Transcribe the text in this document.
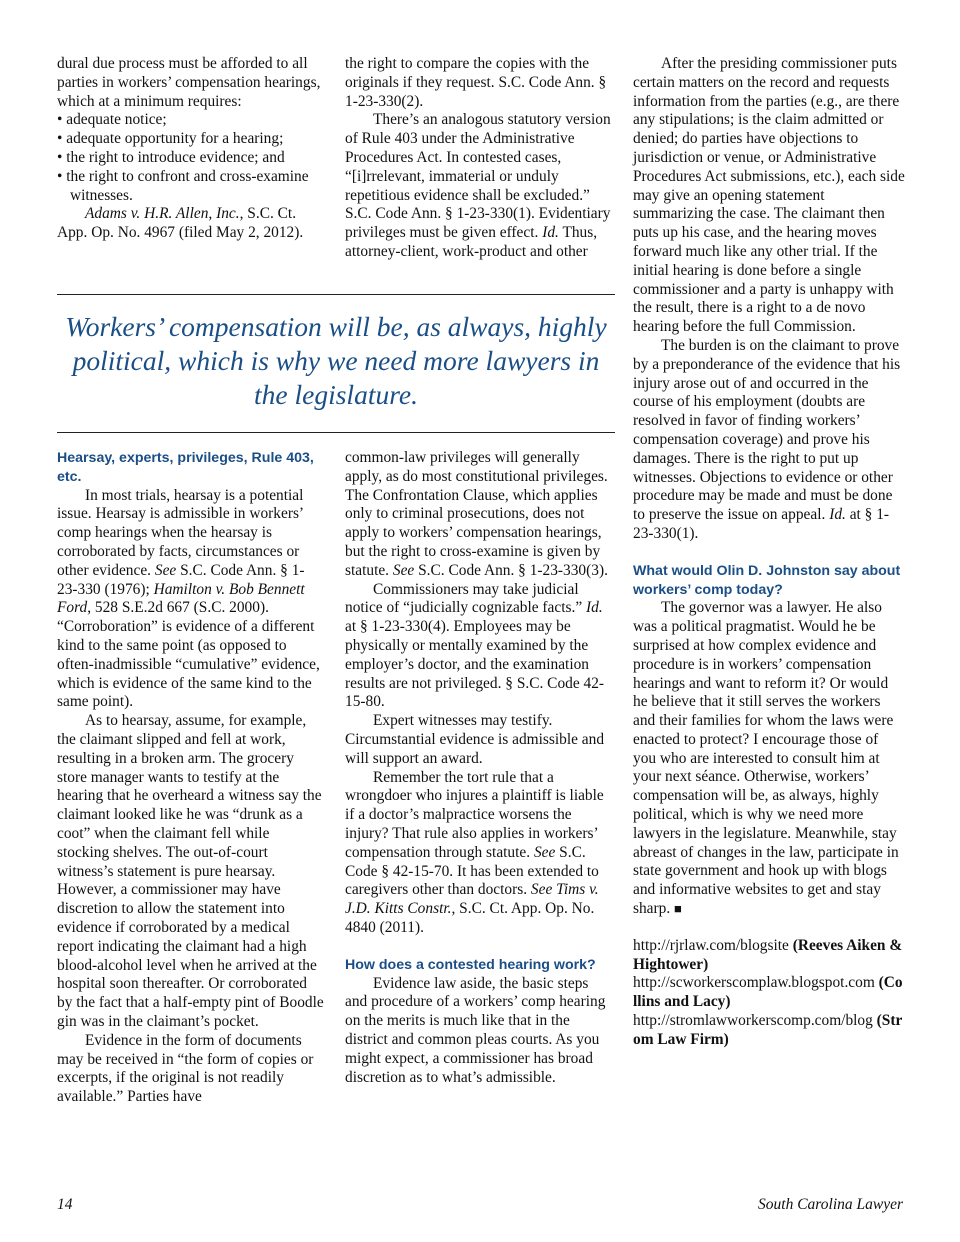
dural due process must be afforded to all parties in workers’ compensation hearings, which at a minimum requires:

• adequate notice;

• adequate opportunity for a hearing;

• the right to introduce evidence; and

• the right to confront and cross-examine witnesses.

Adams v. H.R. Allen, Inc., S.C. Ct. App. Op. No. 4967 (filed May 2, 2012).

the right to compare the copies with the originals if they request. S.C. Code Ann. § 1-23-330(2).

There’s an analogous statutory version of Rule 403 under the Administrative Procedures Act. In contested cases, “[i]rrelevant, immaterial or unduly repetitious evidence shall be excluded.” S.C. Code Ann. § 1-23-330(1). Evidentiary privileges must be given effect. Id. Thus, attorney-client, work-product and other

Workers’ compensation will be, as always, highly political, which is why we need more lawyers in the legislature.

Hearsay, experts, privileges, Rule 403, etc.

In most trials, hearsay is a potential issue. Hearsay is admissible in workers’ comp hearings when the hearsay is corroborated by facts, circumstances or other evidence. See S.C. Code Ann. § 1-23-330 (1976); Hamilton v. Bob Bennett Ford, 528 S.E.2d 667 (S.C. 2000). “Corroboration” is evidence of a different kind to the same point (as opposed to often-inadmissible “cumulative” evidence, which is evidence of the same kind to the same point).

As to hearsay, assume, for example, the claimant slipped and fell at work, resulting in a broken arm. The grocery store manager wants to testify at the hearing that he overheard a witness say the claimant looked like he was “drunk as a coot” when the claimant fell while stocking shelves. The out-of-court witness’s statement is pure hearsay. However, a commissioner may have discretion to allow the statement into evidence if corroborated by a medical report indicating the claimant had a high blood-alcohol level when he arrived at the hospital soon thereafter. Or corroborated by the fact that a half-empty pint of Boodle gin was in the claimant’s pocket.

Evidence in the form of documents may be received in “the form of copies or excerpts, if the original is not readily available.” Parties have

common-law privileges will generally apply, as do most constitutional privileges. The Confrontation Clause, which applies only to criminal prosecutions, does not apply to workers’ compensation hearings, but the right to cross-examine is given by statute. See S.C. Code Ann. § 1-23-330(3).

Commissioners may take judicial notice of “judicially cognizable facts.” Id. at § 1-23-330(4). Employees may be physically or mentally examined by the employer’s doctor, and the examination results are not privileged. § S.C. Code 42-15-80.

Expert witnesses may testify. Circumstantial evidence is admissible and will support an award.

Remember the tort rule that a wrongdoer who injures a plaintiff is liable if a doctor’s malpractice worsens the injury? That rule also applies in workers’ compensation through statute. See S.C. Code § 42-15-70. It has been extended to caregivers other than doctors. See Tims v. J.D. Kitts Constr., S.C. Ct. App. Op. No. 4840 (2011).

How does a contested hearing work?

Evidence law aside, the basic steps and procedure of a workers’ comp hearing on the merits is much like that in the district and common pleas courts. As you might expect, a commissioner has broad discretion as to what’s admissible.

After the presiding commissioner puts certain matters on the record and requests information from the parties (e.g., are there any stipulations; is the claim admitted or denied; do parties have objections to jurisdiction or venue, or Administrative Procedures Act submissions, etc.), each side may give an opening statement summarizing the case. The claimant then puts up his case, and the hearing moves forward much like any other trial. If the initial hearing is done before a single commissioner and a party is unhappy with the result, there is a right to a de novo hearing before the full Commission.

The burden is on the claimant to prove by a preponderance of the evidence that his injury arose out of and occurred in the course of his employment (doubts are resolved in favor of finding workers’ compensation coverage) and prove his damages. There is the right to put up witnesses. Objections to evidence or other procedure may be made and must be done to preserve the issue on appeal. Id. at § 1-23-330(1).

What would Olin D. Johnston say about workers’ comp today?

The governor was a lawyer. He also was a political pragmatist. Would he be surprised at how complex evidence and procedure is in workers’ compensation hearings and want to reform it? Or would he believe that it still serves the workers and their families for whom the laws were enacted to protect? I encourage those of you who are interested to consult him at your next séance. Otherwise, workers’ compensation will be, as always, highly political, which is why we need more lawyers in the legislature. Meanwhile, stay abreast of changes in the law, participate in state government and hook up with blogs and informative websites to get and stay sharp. ■

http://rjrlaw.com/blogsite (Reeves Aiken & Hightower)
http://scworkerscomplaw.blogspot.com (Collins and Lacy)
http://stromlawworkerscomp.com/blog (Strom Law Firm)

14	South Carolina Lawyer
